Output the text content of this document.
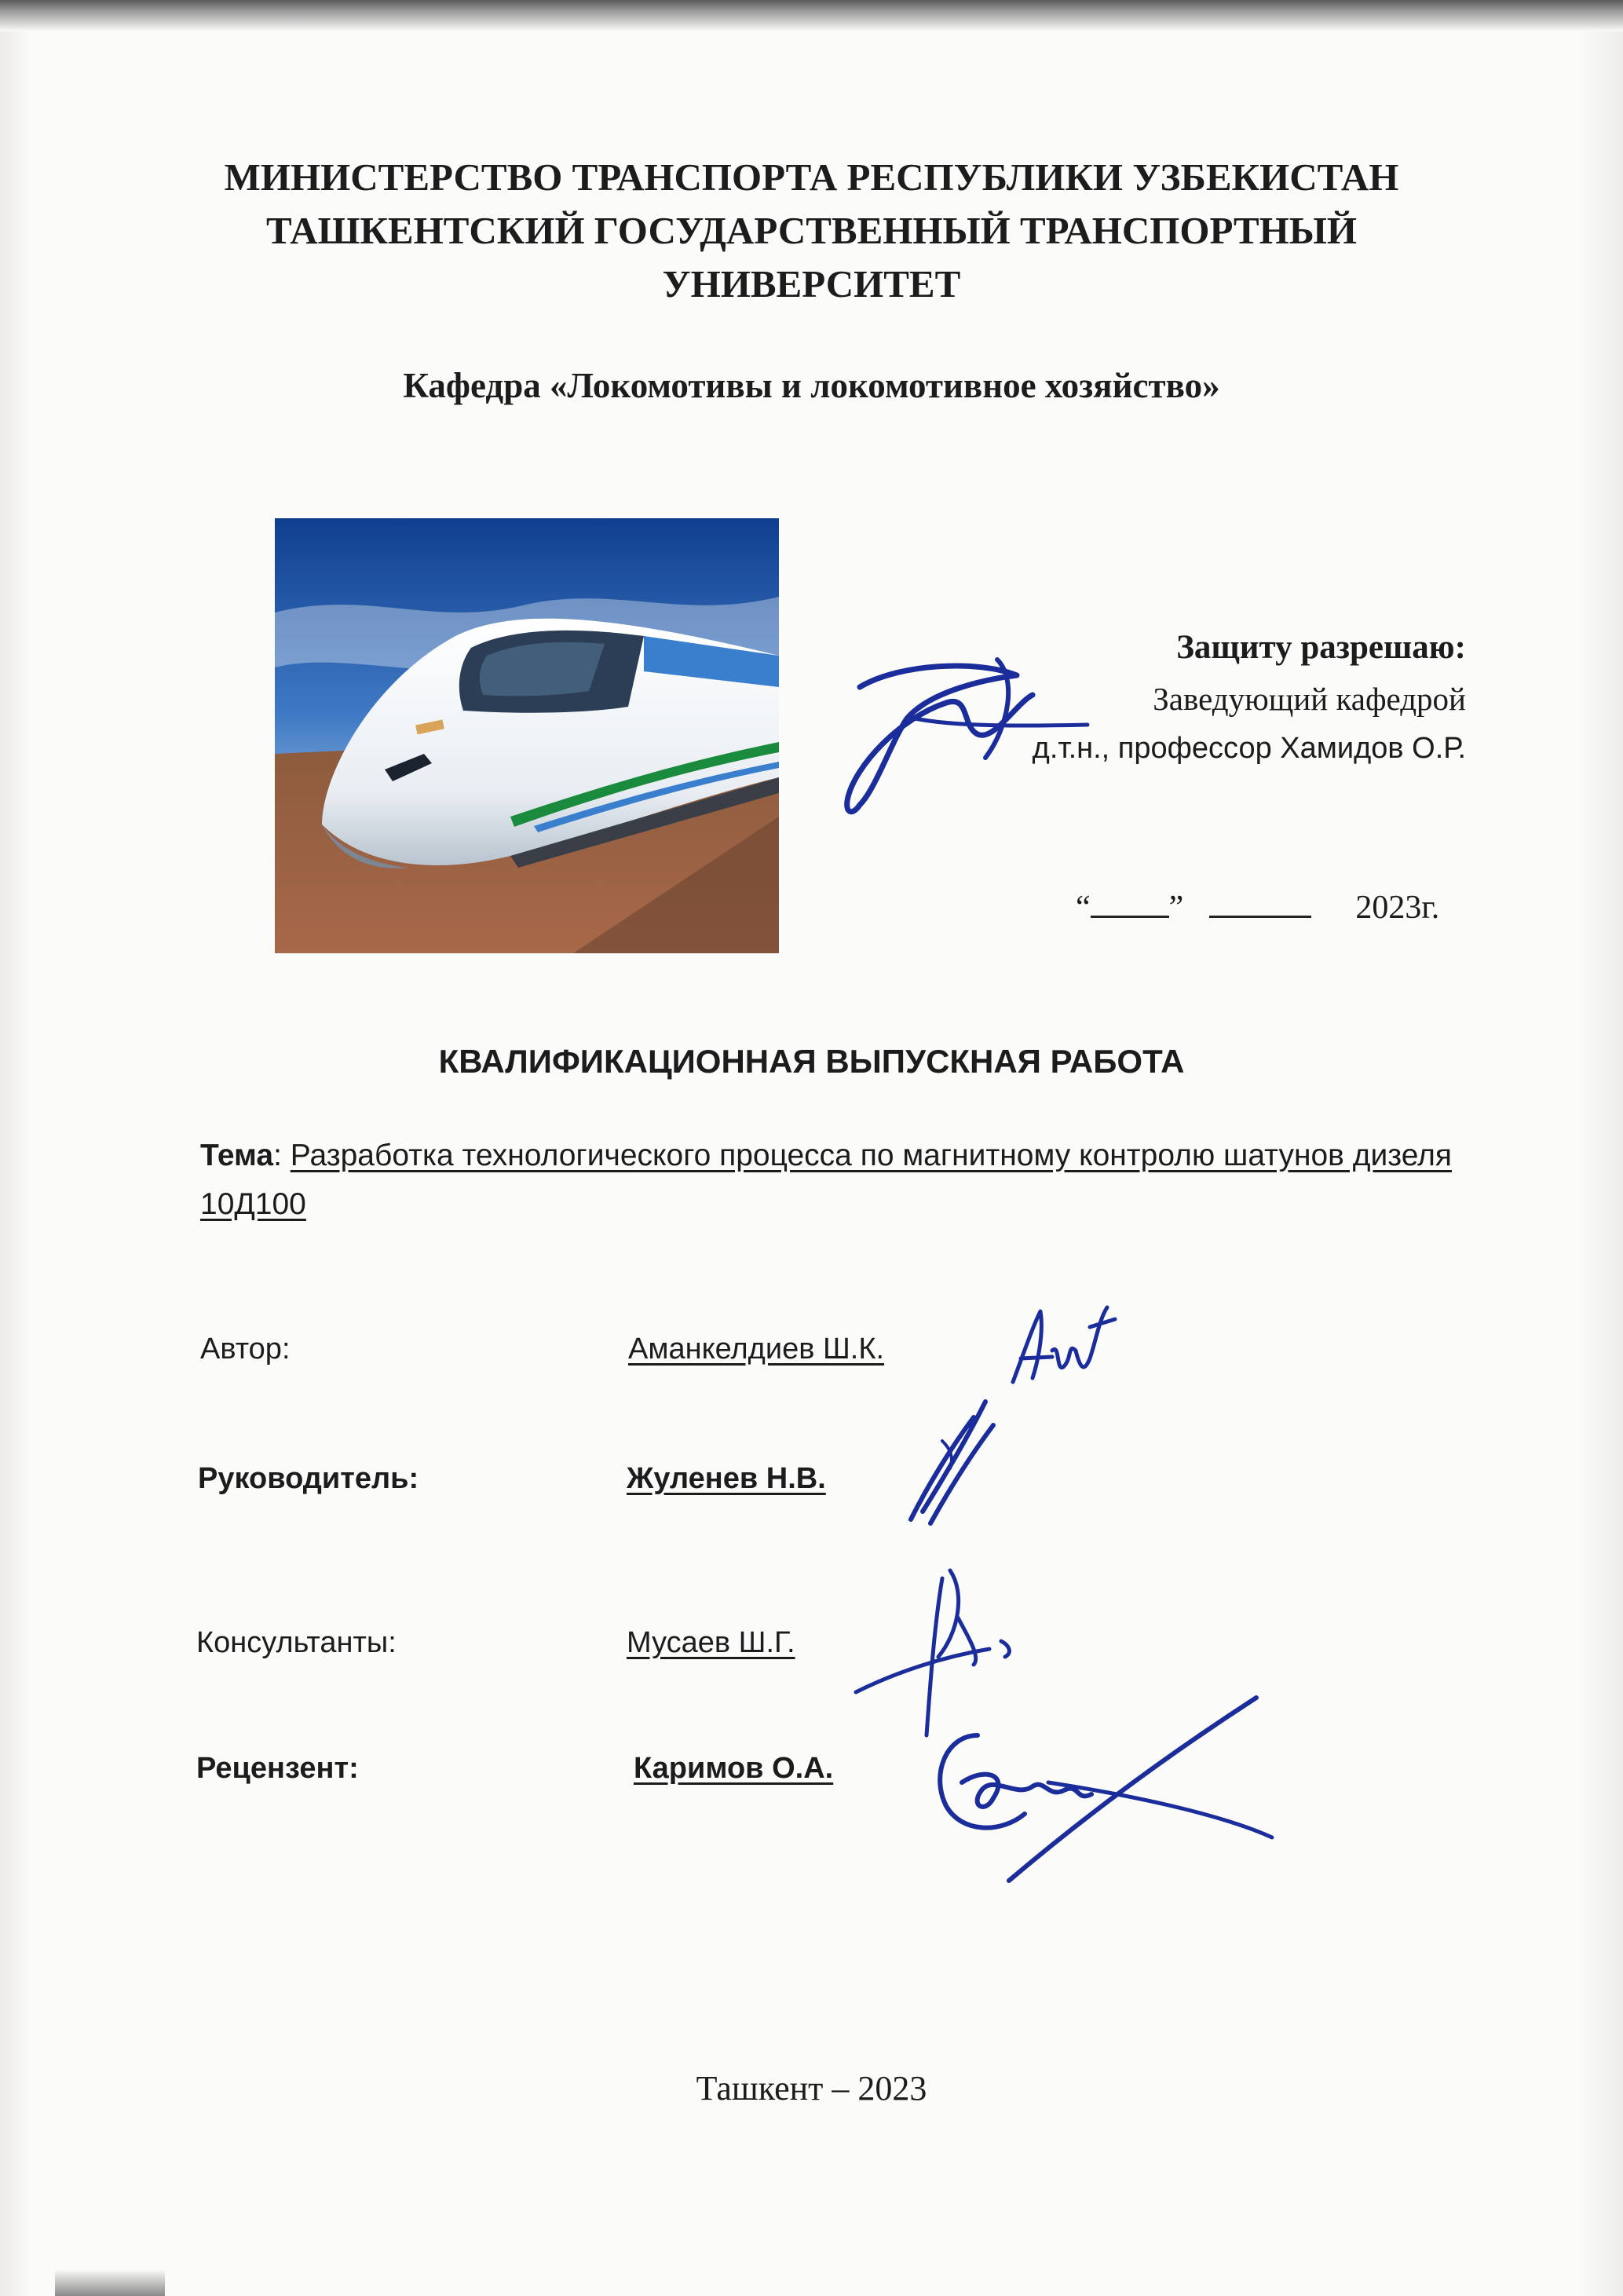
МИНИСТЕРСТВО ТРАНСПОРТА РЕСПУБЛИКИ УЗБЕКИСТАН
ТАШКЕНТСКИЙ ГОСУДАРСТВЕННЫЙ ТРАНСПОРТНЫЙ
УНИВЕРСИТЕТ
Кафедра «Локомотивы и локомотивное хозяйство»
Защиту разрешаю:
Заведующий кафедрой
д.т.н., профессор Хамидов О.Р.
“ ”	2023г.
КВАЛИФИКАЦИОННАЯ ВЫПУСКНАЯ РАБОТА
Тема: Разработка технологического процесса по магнитному контролю шатунов дизеля 10Д100
Автор:	Аманкелдиев Ш.К.
Руководитель:	Жуленев Н.В.
Консультанты:	Мусаев Ш.Г.
Рецензент:	Каримов О.А.
Ташкент – 2023
